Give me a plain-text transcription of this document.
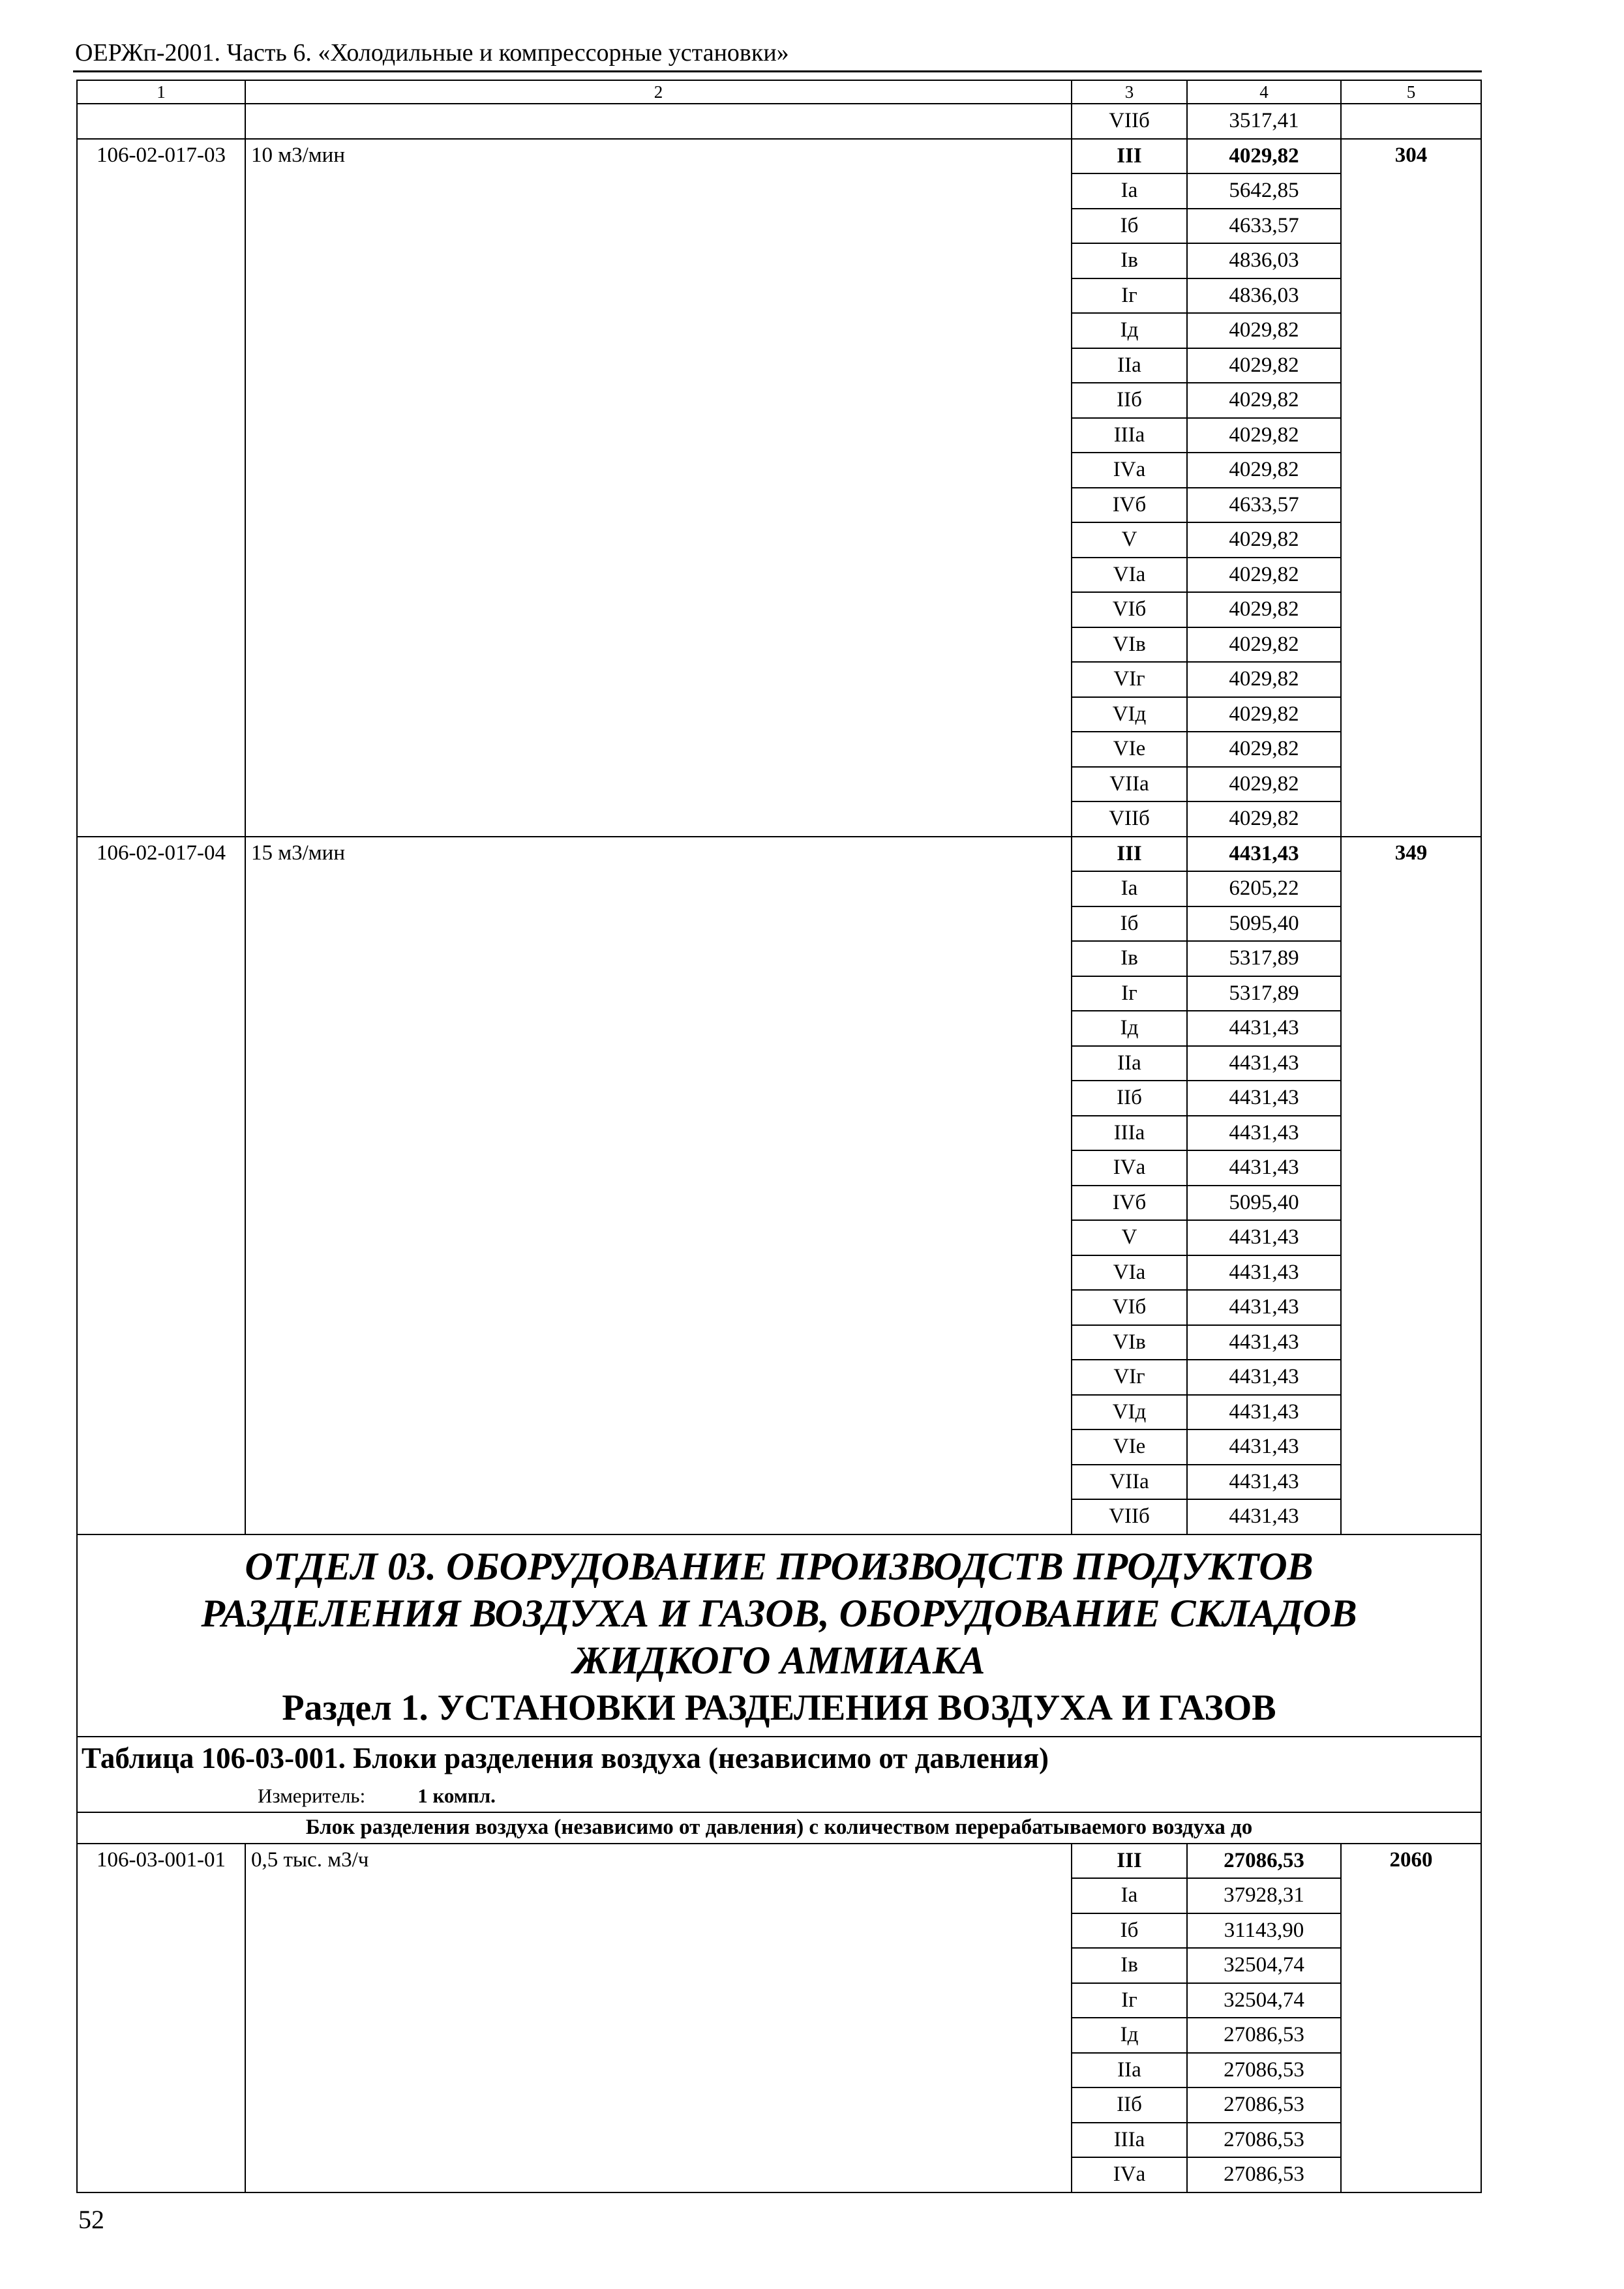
ОЕРЖп-2001. Часть 6. «Холодильные и компрессорные установки»
1	2	3	4	5
		VIIб	3517,41	
106-02-017-03	10 м3/мин	III	4029,82	304
		Iа	5642,85	
		Iб	4633,57	
		Iв	4836,03	
		Iг	4836,03	
		Iд	4029,82	
		IIа	4029,82	
		IIб	4029,82	
		IIIа	4029,82	
		IVа	4029,82	
		IVб	4633,57	
		V	4029,82	
		VIа	4029,82	
		VIб	4029,82	
		VIв	4029,82	
		VIг	4029,82	
		VIд	4029,82	
		VIе	4029,82	
		VIIа	4029,82	
		VIIб	4029,82	
106-02-017-04	15 м3/мин	III	4431,43	349
		Iа	6205,22	
		Iб	5095,40	
		Iв	5317,89	
		Iг	5317,89	
		Iд	4431,43	
		IIа	4431,43	
		IIб	4431,43	
		IIIа	4431,43	
		IVа	4431,43	
		IVб	5095,40	
		V	4431,43	
		VIа	4431,43	
		VIб	4431,43	
		VIв	4431,43	
		VIг	4431,43	
		VIд	4431,43	
		VIе	4431,43	
		VIIа	4431,43	
		VIIб	4431,43	

ОТДЕЛ 03. ОБОРУДОВАНИЕ ПРОИЗВОДСТВ ПРОДУКТОВ
РАЗДЕЛЕНИЯ ВОЗДУХА И ГАЗОВ, ОБОРУДОВАНИЕ СКЛАДОВ
ЖИДКОГО АММИАКА
Раздел 1. УСТАНОВКИ РАЗДЕЛЕНИЯ ВОЗДУХА И ГАЗОВ				

Таблица 106-03-001. Блоки разделения воздуха (независимо от давления)
Измеритель: 1 компл.				

Блок разделения воздуха (независимо от давления) с количеством перерабатываемого воздуха до				
106-03-001-01	0,5 тыс. м3/ч	III	27086,53	2060
		Iа	37928,31	
		Iб	31143,90	
		Iв	32504,74	
		Iг	32504,74	
		Iд	27086,53	
		IIа	27086,53	
		IIб	27086,53	
		IIIа	27086,53	
		IVа	27086,53	
52
